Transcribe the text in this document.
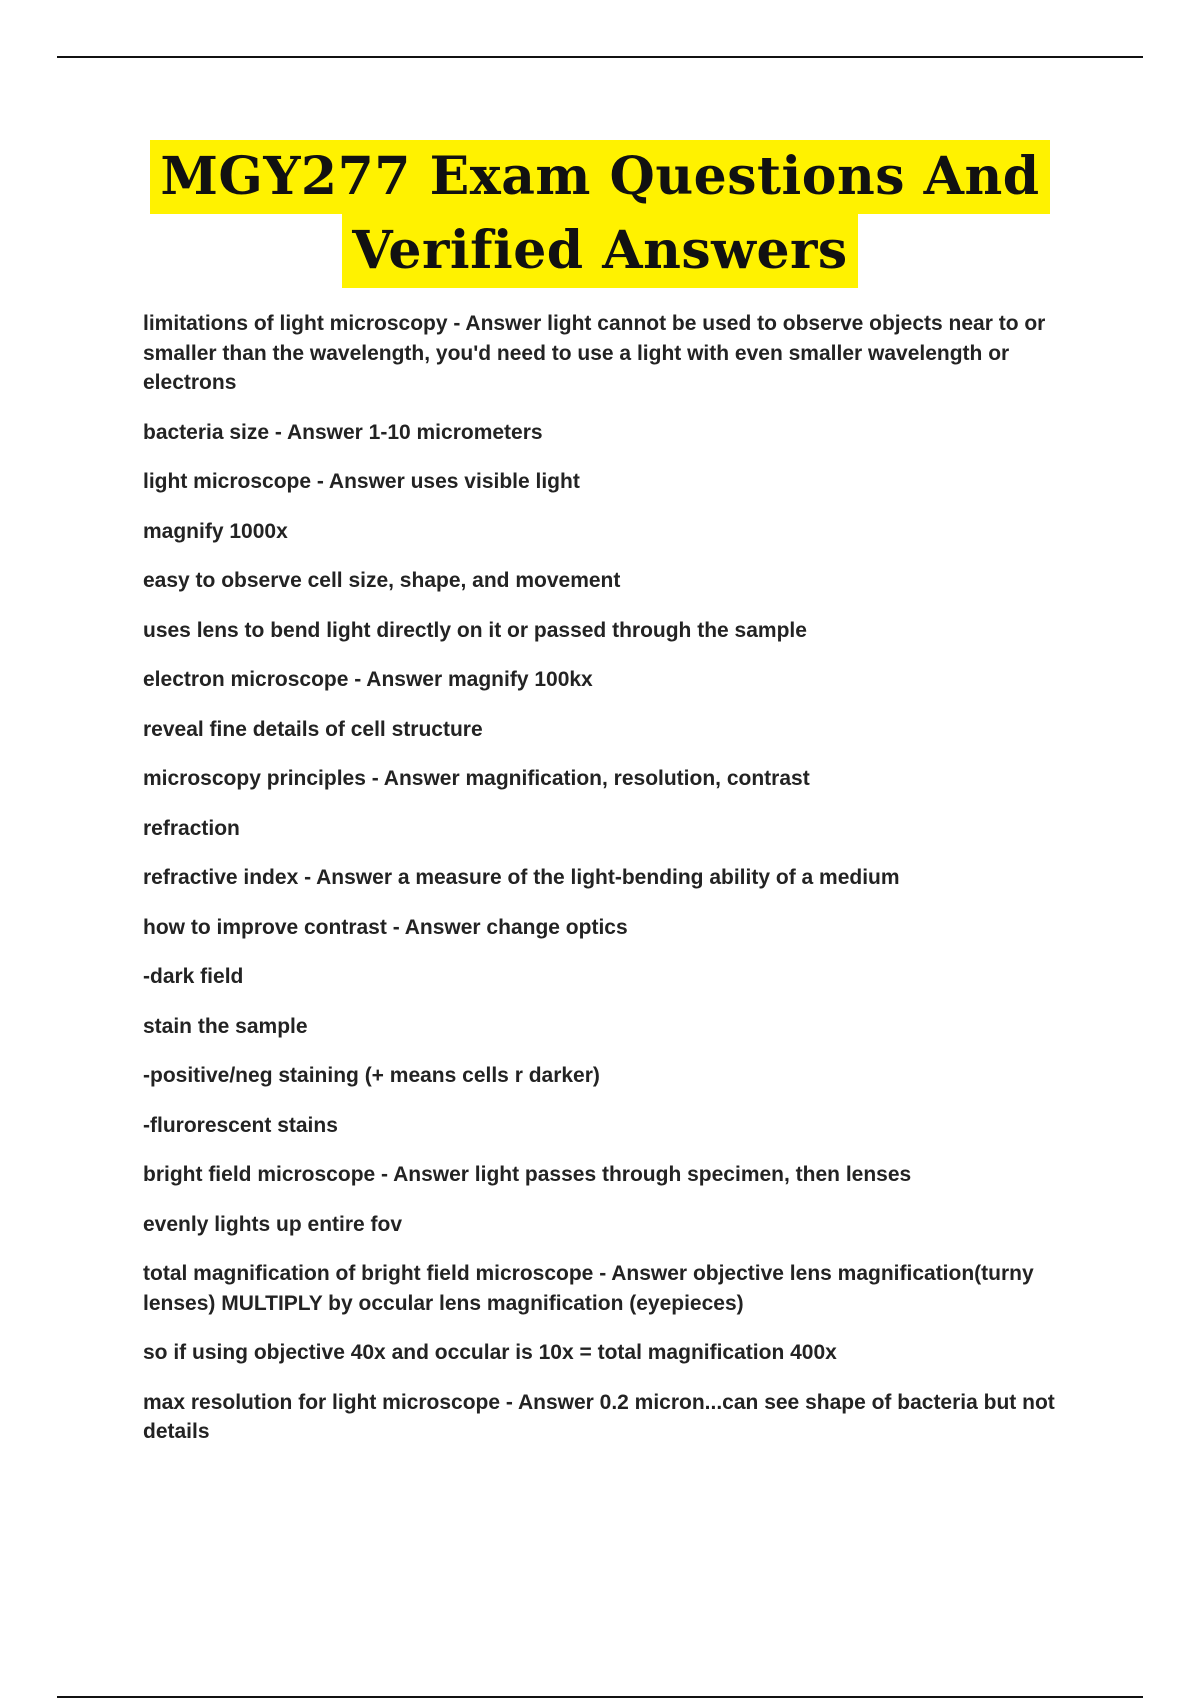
MGY277 Exam Questions And
Verified Answers

limitations of light microscopy - Answer light cannot be used to observe objects near to or smaller than the wavelength, you'd need to use a light with even smaller wavelength or electrons

bacteria size - Answer 1-10 micrometers

light microscope - Answer uses visible light

magnify 1000x

easy to observe cell size, shape, and movement

uses lens to bend light directly on it or passed through the sample

electron microscope - Answer magnify 100kx

reveal fine details of cell structure

microscopy principles - Answer magnification, resolution, contrast

refraction

refractive index - Answer a measure of the light-bending ability of a medium

how to improve contrast - Answer change optics

-dark field

stain the sample

-positive/neg staining (+ means cells r darker)

-flurorescent stains

bright field microscope - Answer light passes through specimen, then lenses

evenly lights up entire fov

total magnification of bright field microscope - Answer objective lens magnification(turny lenses) MULTIPLY by occular lens magnification (eyepieces)

so if using objective 40x and occular is 10x = total magnification 400x

max resolution for light microscope - Answer 0.2 micron...can see shape of bacteria but not details
